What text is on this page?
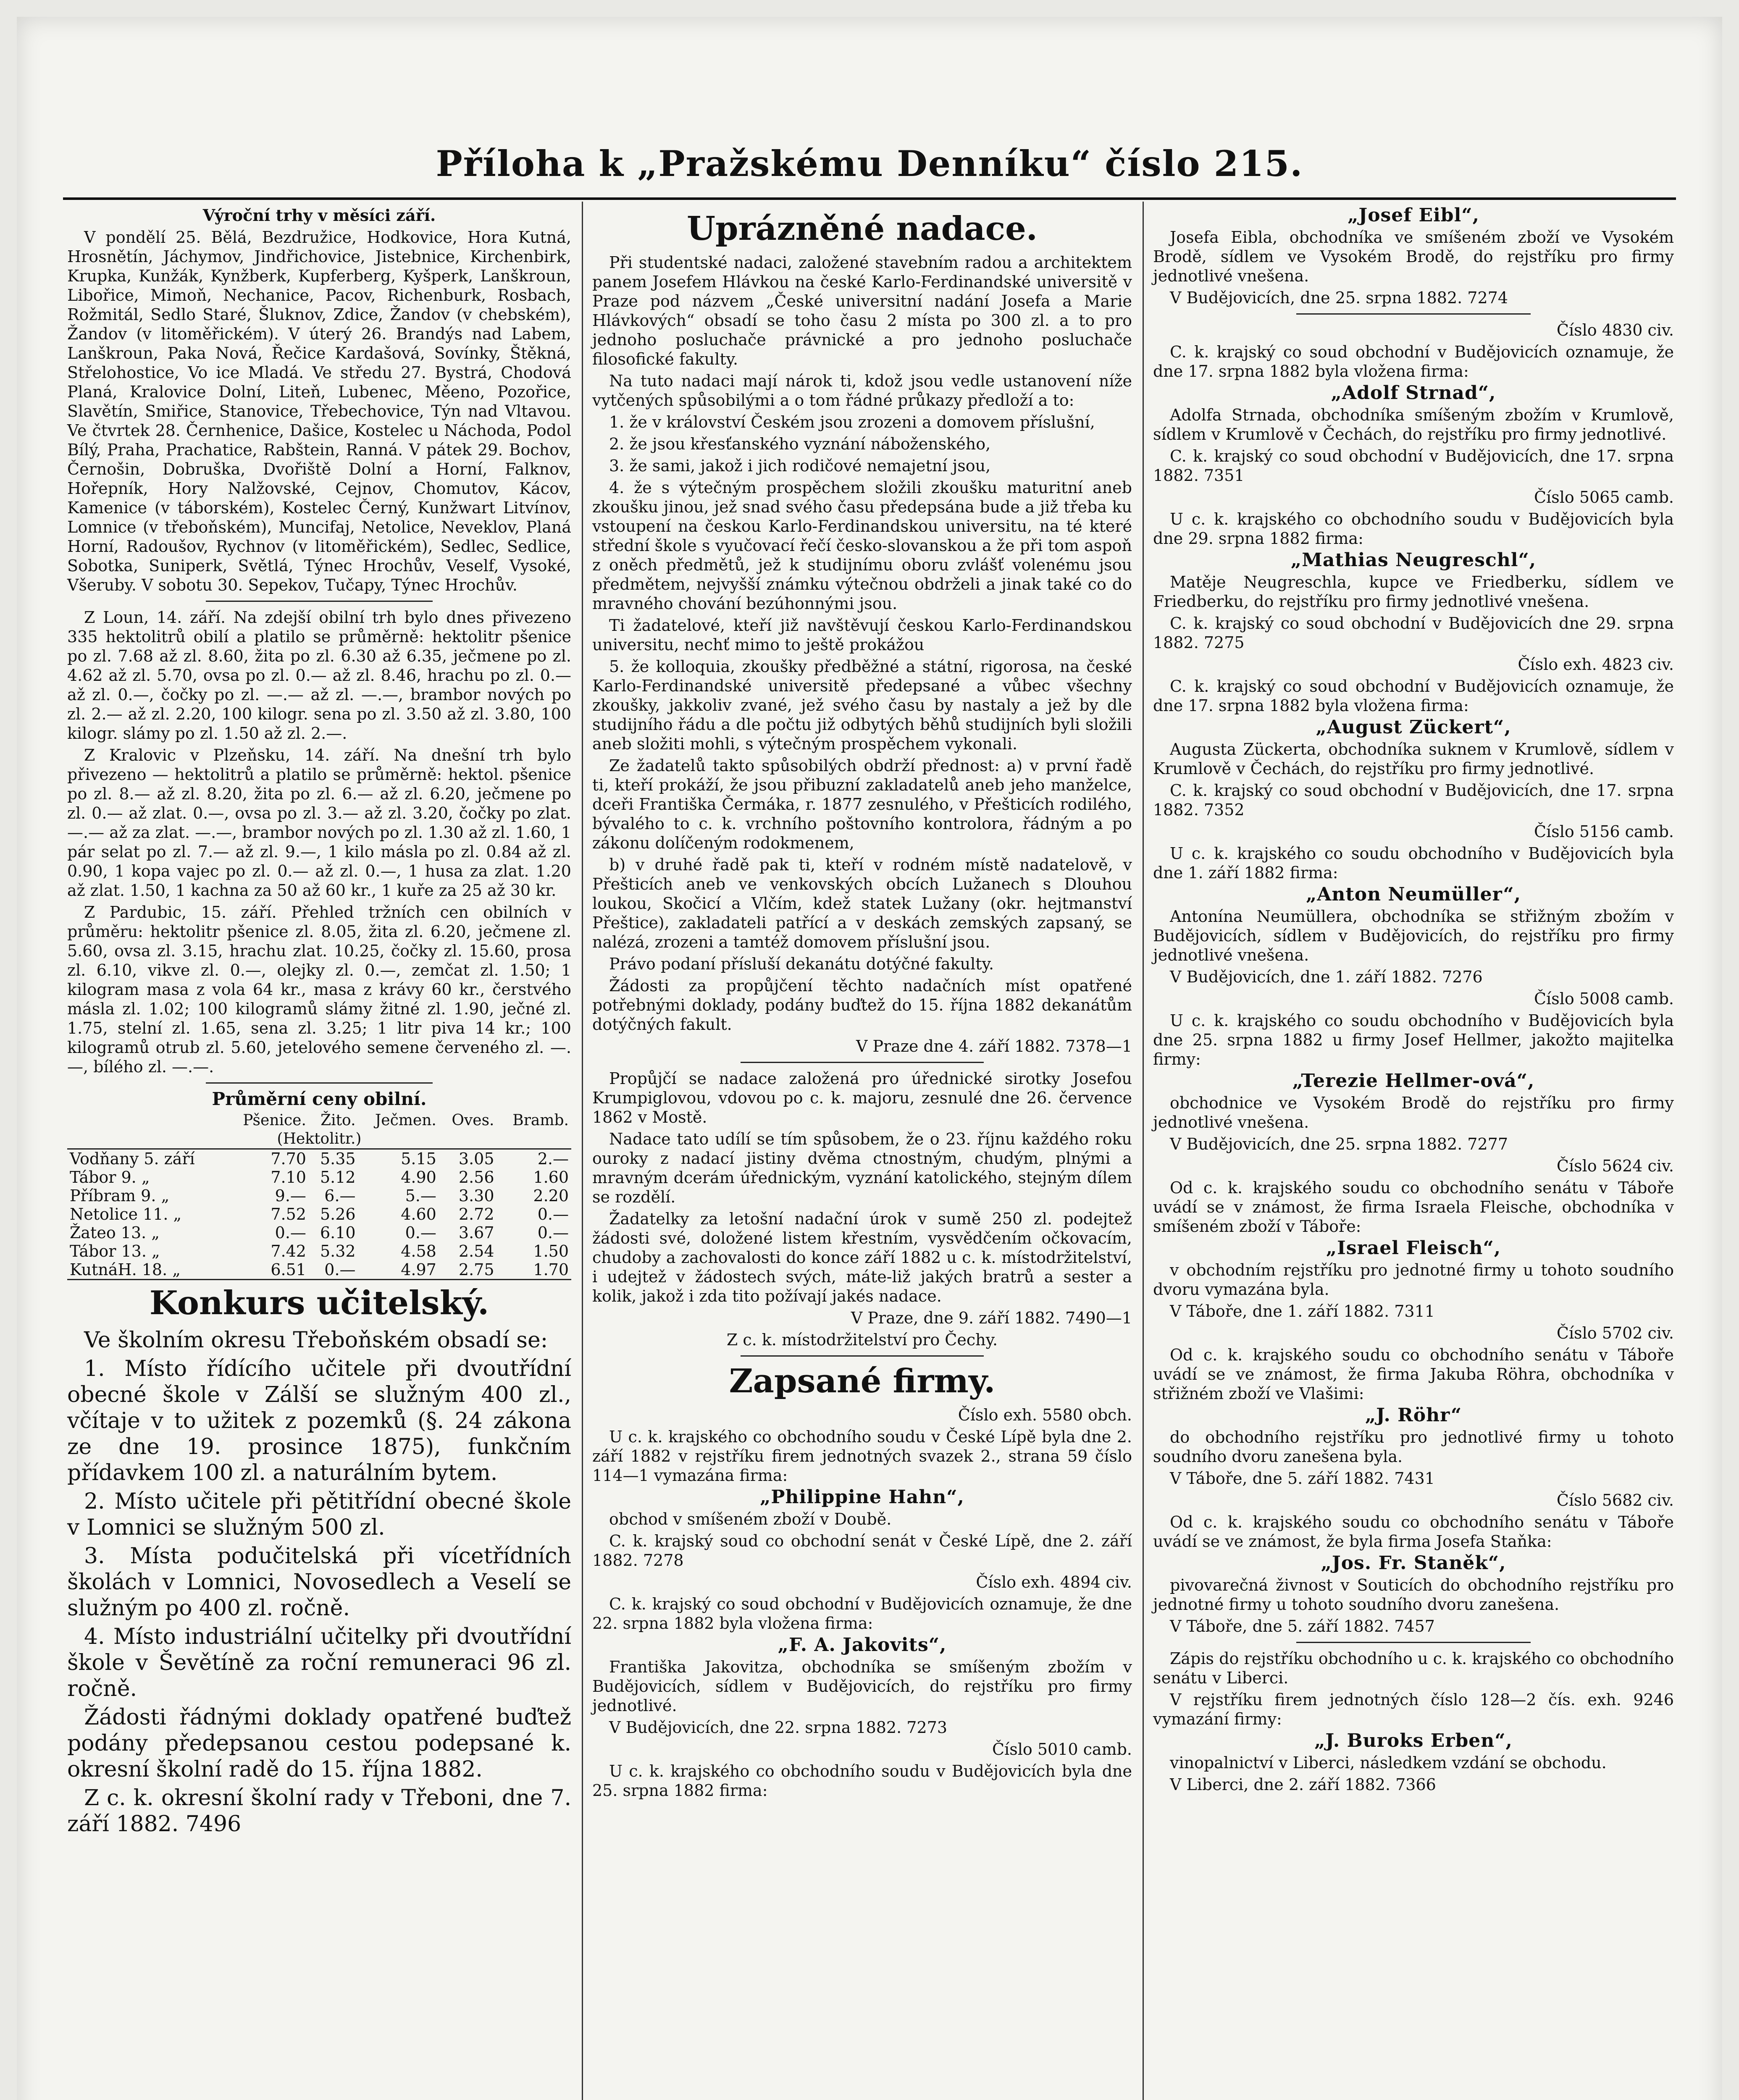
Příloha k „Pražskému Denníku“ číslo 215.

Výroční trhy v měsíci září.

V pondělí 25. Bělá, Bezdružice, Hodkovice, Hora Kutná, Hrosnětín, Jáchymov, Jindřichovice, Jistebnice, Kirchenbirk, Krupka, Kunžák, Kynžberk, Kupferberg, Kyšperk, Lanškroun, Libořice, Mimoň, Nechanice, Pacov, Richenburk, Rosbach, Rožmitál, Sedlo Staré, Šluknov, Zdice, Žandov (v chebském), Žandov (v litoměřickém). V úterý 26. Brandýs nad Labem, Lanškroun, Paka Nová, Řečice Kardašová, Sovínky, Štěkná, Střelohostice, Vo ice Mladá. Ve středu 27. Bystrá, Chodová Planá, Kralovice Dolní, Liteň, Lubenec, Měeno, Pozořice, Slavětín, Smiřice, Stanovice, Třebechovice, Týn nad Vltavou. Ve čtvrtek 28. Černhenice, Dašice, Kostelec u Náchoda, Podol Bílý, Praha, Prachatice, Rabštein, Ranná. V pátek 29. Bochov, Černošin, Dobruška, Dvořiště Dolní a Horní, Falknov, Hořepník, Hory Nalžovské, Cejnov, Chomutov, Kácov, Kamenice (v táborském), Kostelec Černý, Kunžwart Litvínov, Lomnice (v třeboňském), Muncifaj, Netolice, Neveklov, Planá Horní, Radoušov, Rychnov (v litoměřickém), Sedlec, Sedlice, Sobotka, Suniperk, Světlá, Týnec Hrochův, Veself, Vysoké, Všeruby. V sobotu 30. Sepekov, Tučapy, Týnec Hrochův.

Z Loun, 14. září. Na zdejší obilní trh bylo dnes přivezeno 335 hektolitrů obilí a platilo se průměrně: hektolitr pšenice po zl. 7.68 až zl. 8.60, žita po zl. 6.30 až 6.35, ječmene po zl. 4.62 až zl. 5.70, ovsa po zl. 0.— až zl. 8.46, hrachu po zl. 0.— až zl. 0.—, čočky po zl. —.— až zl. —.—, brambor nových po zl. 2.— až zl. 2.20, 100 kilogr. sena po zl. 3.50 až zl. 3.80, 100 kilogr. slámy po zl. 1.50 až zl. 2.—.

Z Kralovic v Plzeňsku, 14. září. Na dnešní trh bylo přivezeno — hektolitrů a platilo se průměrně: hektol. pšenice po zl. 8.— až zl. 8.20, žita po zl. 6.— až zl. 6.20, ječmene po zl. 0.— až zlat. 0.—, ovsa po zl. 3.— až zl. 3.20, čočky po zlat. —.— až za zlat. —.—, brambor nových po zl. 1.30 až zl. 1.60, 1 pár selat po zl. 7.— až zl. 9.—, 1 kilo másla po zl. 0.84 až zl. 0.90, 1 kopa vajec po zl. 0.— až zl. 0.—, 1 husa za zlat. 1.20 až zlat. 1.50, 1 kachna za 50 až 60 kr., 1 kuře za 25 až 30 kr.

Z Pardubic, 15. září. Přehled tržních cen obilních v průměru: hektolitr pšenice zl. 8.05, žita zl. 6.20, ječmene zl. 5.60, ovsa zl. 3.15, hrachu zlat. 10.25, čočky zl. 15.60, prosa zl. 6.10, vikve zl. 0.—, olejky zl. 0.—, zemčat zl. 1.50; 1 kilogram masa z vola 64 kr., masa z krávy 60 kr., čerstvého másla zl. 1.02; 100 kilogramů slámy žitné zl. 1.90, ječné zl. 1.75, stelní zl. 1.65, sena zl. 3.25; 1 litr piva 14 kr.; 100 kilogramů otrub zl. 5.60, jetelového semene červeného zl. —.—, bílého zl. —.—.

Průměrní ceny obilní.

	Pšenice.	Žito.	Ječmen.	Oves.	Bramb.
(Hektolitr.)					
Vodňany 5. září	7.70	5.35	5.15	3.05	2.—
Tábor 9. „	7.10	5.12	4.90	2.56	1.60
Příbram 9. „	9.—	6.—	5.—	3.30	2.20
Netolice 11. „	7.52	5.26	4.60	2.72	0.—
Žateo 13. „	0.—	6.10	0.—	3.67	0.—
Tábor 13. „	7.42	5.32	4.58	2.54	1.50
KutnáH. 18. „	6.51	0.—	4.97	2.75	1.70

Konkurs učitelský.

Ve školním okresu Třeboňském obsadí se:

1. Místo řídícího učitele při dvoutřídní obecné škole v Zálší se služným 400 zl., včítaje v to užitek z pozemků (§. 24 zákona ze dne 19. prosince 1875), funkčním přídavkem 100 zl. a naturálním bytem.

2. Místo učitele při pětitřídní obecné škole v Lomnici se služným 500 zl.

3. Místa podučitelská při vícetřídních školách v Lomnici, Novosedlech a Veselí se služným po 400 zl. ročně.

4. Místo industriální učitelky při dvoutřídní škole v Ševětíně za roční remuneraci 96 zl. ročně.

Žádosti řádnými doklady opatřené buďtež podány předepsanou cestou podepsané k. okresní školní radě do 15. října 1882.

Z c. k. okresní školní rady v Třeboni, dne 7. září 1882. 7496

Uprázněné nadace.

Při studentské nadaci, založené stavebním radou a architektem panem Josefem Hlávkou na české Karlo-Ferdinandské universitě v Praze pod názvem „České universitní nadání Josefa a Marie Hlávkových“ obsadí se toho času 2 místa po 300 zl. a to pro jednoho posluchače právnické a pro jednoho posluchače filosofické fakulty.

Na tuto nadaci mají nárok ti, kdož jsou vedle ustanovení níže vytčených spůsobilými a o tom řádné průkazy předloží a to:

1. že v království Českém jsou zrozeni a domovem příslušní,

2. že jsou křesťanského vyznání náboženského,

3. že sami, jakož i jich rodičové nemajetní jsou,

4. že s výtečným prospěchem složili zkoušku maturitní aneb zkoušku jinou, jež snad svého času předepsána bude a již třeba ku vstoupení na českou Karlo-Ferdinandskou universitu, na té které střední škole s vyučovací řečí česko-slovanskou a že při tom aspoň z oněch předmětů, jež k studijnímu oboru zvlášť volenému jsou předmětem, nejvyšší známku výtečnou obdrželi a jinak také co do mravného chování bezúhonnými jsou.

Ti žadatelové, kteří již navštěvují českou Karlo-Ferdinandskou universitu, nechť mimo to ještě prokážou

5. že kolloquia, zkoušky předběžné a státní, rigorosa, na české Karlo-Ferdinandské universitě předepsané a vůbec všechny zkoušky, jakkoliv zvané, jež svého času by nastaly a jež by dle studijního řádu a dle počtu již odbytých běhů studijních byli složili aneb složiti mohli, s výtečným prospěchem vykonali.

Ze žadatelů takto spůsobilých obdrží přednost: a) v první řadě ti, kteří prokáží, že jsou přibuzní zakladatelů aneb jeho manželce, dceři Františka Čermáka, r. 1877 zesnulého, v Přešticích rodilého, bývalého to c. k. vrchního poštovního kontrolora, řádným a po zákonu dolíčeným rodokmenem,

b) v druhé řadě pak ti, kteří v rodném místě nadatelově, v Přešticích aneb ve venkovských obcích Lužanech s Dlouhou loukou, Skočicí a Vlčím, kdež statek Lužany (okr. hejtmanství Přeštice), zakladateli patřící a v deskách zemských zapsaný, se nalézá, zrozeni a tamtéž domovem příslušní jsou.

Právo podaní přísluší dekanátu dotýčné fakulty.

Žádosti za propůjčení těchto nadačních míst opatřené potřebnými doklady, podány buďtež do 15. října 1882 dekanátům dotýčných fakult.

V Praze dne 4. září 1882. 7378—1

Propůjčí se nadace založená pro úřednické sirotky Josefou Krumpiglovou, vdovou po c. k. majoru, zesnulé dne 26. července 1862 v Mostě.

Nadace tato udílí se tím spůsobem, že o 23. říjnu každého roku ouroky z nadací jistiny dvěma ctnostným, chudým, plnými a mravným dcerám úřednickým, vyznání katolického, stejným dílem se rozdělí.

Žadatelky za letošní nadační úrok v sumě 250 zl. podejtež žádosti své, doložené listem křestním, vysvědčením očkovacím, chudoby a zachovalosti do konce září 1882 u c. k. místodržitelství, i udejtež v žádostech svých, máte-liž jakých bratrů a sester a kolik, jakož i zda tito požívají jakés nadace.

V Praze, dne 9. září 1882. 7490—1

Z c. k. místodržitelství pro Čechy.

Zapsané firmy.

Číslo exh. 5580 obch.

U c. k. krajského co obchodního soudu v České Lípě byla dne 2. září 1882 v rejstříku firem jednotných svazek 2., strana 59 číslo 114—1 vymazána firma:

„Philippine Hahn“,

obchod v smíšeném zboží v Doubě.

C. k. krajský soud co obchodní senát v České Lípě, dne 2. září 1882. 7278

Číslo exh. 4894 civ.

C. k. krajský co soud obchodní v Budějovicích oznamuje, že dne 22. srpna 1882 byla vložena firma:

„F. A. Jakovits“,

Františka Jakovitza, obchodníka se smíšeným zbožím v Budějovicích, sídlem v Budějovicích, do rejstříku pro firmy jednotlivé.

V Budějovicích, dne 22. srpna 1882. 7273

Číslo 5010 camb.

U c. k. krajského co obchodního soudu v Budějovicích byla dne 25. srpna 1882 firma:

„Josef Eibl“,

Josefa Eibla, obchodníka ve smíšeném zboží ve Vysokém Brodě, sídlem ve Vysokém Brodě, do rejstříku pro firmy jednotlivé vnešena.

V Budějovicích, dne 25. srpna 1882. 7274

Číslo 4830 civ.

C. k. krajský co soud obchodní v Budějovicích oznamuje, že dne 17. srpna 1882 byla vložena firma:

„Adolf Strnad“,

Adolfa Strnada, obchodníka smíšeným zbožím v Krumlově, sídlem v Krumlově v Čechách, do rejstříku pro firmy jednotlivé.

C. k. krajský co soud obchodní v Budějovicích, dne 17. srpna 1882. 7351

Číslo 5065 camb.

U c. k. krajského co obchodního soudu v Budějovicích byla dne 29. srpna 1882 firma:

„Mathias Neugreschl“,

Matěje Neugreschla, kupce ve Friedberku, sídlem ve Friedberku, do rejstříku pro firmy jednotlivé vnešena.

C. k. krajský co soud obchodní v Budějovicích dne 29. srpna 1882. 7275

Číslo exh. 4823 civ.

C. k. krajský co soud obchodní v Budějovicích oznamuje, že dne 17. srpna 1882 byla vložena firma:

„August Zückert“,

Augusta Zückerta, obchodníka suknem v Krumlově, sídlem v Krumlově v Čechách, do rejstříku pro firmy jednotlivé.

C. k. krajský co soud obchodní v Budějovicích, dne 17. srpna 1882. 7352

Číslo 5156 camb.

U c. k. krajského co soudu obchodního v Budějovicích byla dne 1. září 1882 firma:

„Anton Neumüller“,

Antonína Neumüllera, obchodníka se střižným zbožím v Budějovicích, sídlem v Budějovicích, do rejstříku pro firmy jednotlivé vnešena.

V Budějovicích, dne 1. září 1882. 7276

Číslo 5008 camb.

U c. k. krajského co soudu obchodního v Budějovicích byla dne 25. srpna 1882 u firmy Josef Hellmer, jakožto majitelka firmy:

„Terezie Hellmer-ová“,

obchodnice ve Vysokém Brodě do rejstříku pro firmy jednotlivé vnešena.

V Budějovicích, dne 25. srpna 1882. 7277

Číslo 5624 civ.

Od c. k. krajského soudu co obchodního senátu v Táboře uvádí se v známost, že firma Israela Fleische, obchodníka v smíšeném zboží v Táboře:

„Israel Fleisch“,

v obchodním rejstříku pro jednotné firmy u tohoto soudního dvoru vymazána byla.

V Táboře, dne 1. září 1882. 7311

Číslo 5702 civ.

Od c. k. krajského soudu co obchodního senátu v Táboře uvádí se ve známost, že firma Jakuba Röhra, obchodníka v střižném zboží ve Vlašimi:

„J. Röhr“

do obchodního rejstříku pro jednotlivé firmy u tohoto soudního dvoru zanešena byla.

V Táboře, dne 5. září 1882. 7431

Číslo 5682 civ.

Od c. k. krajského soudu co obchodního senátu v Táboře uvádí se ve známost, že byla firma Josefa Staňka:

„Jos. Fr. Staněk“,

pivovarečná živnost v Souticích do obchodního rejstříku pro jednotné firmy u tohoto soudního dvoru zanešena.

V Táboře, dne 5. září 1882. 7457

Zápis do rejstříku obchodního u c. k. krajského co obchodního senátu v Liberci.

V rejstříku firem jednotných číslo 128—2 čís. exh. 9246 vymazání firmy:

„J. Buroks Erben“,

vinopalnictví v Liberci, následkem vzdání se obchodu.

V Liberci, dne 2. září 1882. 7366
